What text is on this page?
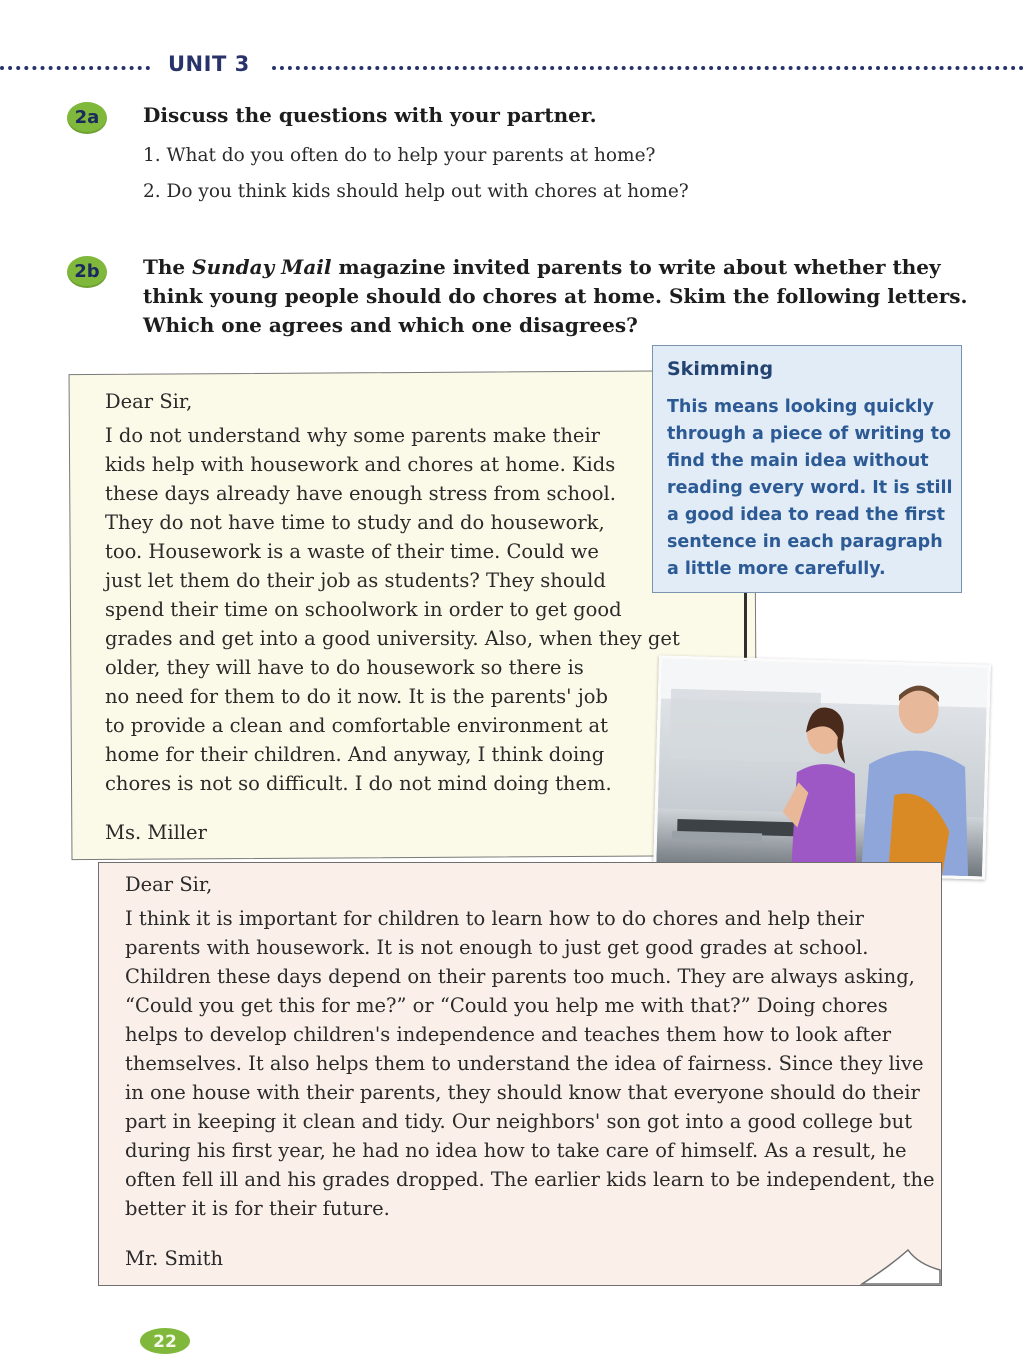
UNIT 3
2a	Discuss the questions with your partner.

1. What do you often do to help your parents at home?

2. Do you think kids should help out with chores at home?

2b	The Sunday Mail magazine invited parents to write about whether they

think young people should do chores at home. Skim the following letters.

Which one agrees and which one disagrees?

Dear Sir,
I do not understand why some parents make their
kids help with housework and chores at home. Kids
these days already have enough stress from school.
They do not have time to study and do housework,
too. Housework is a waste of their time. Could we
just let them do their job as students? They should
spend their time on schoolwork in order to get good
grades and get into a good university. Also, when they get
older, they will have to do housework so there is
no need for them to do it now. It is the parents' job
to provide a clean and comfortable environment at
home for their children. And anyway, I think doing
chores is not so difficult. I do not mind doing them.
Ms. Miller
Skimming
This means looking quickly
through a piece of writing to
find the main idea without
reading every word. It is still
a good idea to read the first
sentence in each paragraph
a little more carefully.
Dear Sir,
I think it is important for children to learn how to do chores and help their
parents with housework. It is not enough to just get good grades at school.
Children these days depend on their parents too much. They are always asking,
“Could you get this for me?” or “Could you help me with that?” Doing chores
helps to develop children's independence and teaches them how to look after
themselves. It also helps them to understand the idea of fairness. Since they live
in one house with their parents, they should know that everyone should do their
part in keeping it clean and tidy. Our neighbors' son got into a good college but
during his first year, he had no idea how to take care of himself. As a result, he
often fell ill and his grades dropped. The earlier kids learn to be independent, the
better it is for their future.
Mr. Smith
22
